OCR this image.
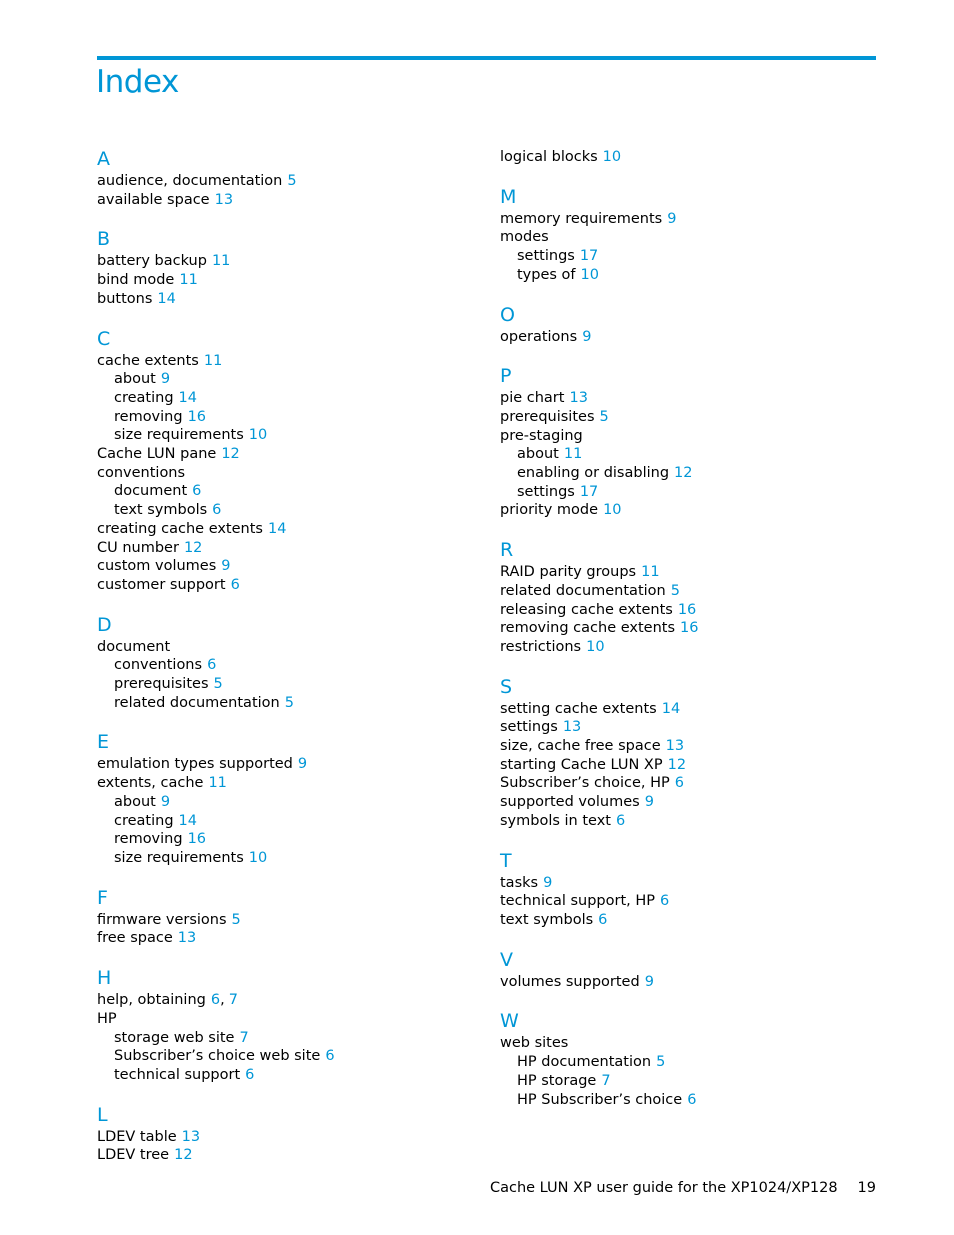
Index
A
audience, documentation 5
available space 13
B
battery backup 11
bind mode 11
buttons 14
C
cache extents 11
about 9
creating 14
removing 16
size requirements 10
Cache LUN pane 12
conventions
document 6
text symbols 6
creating cache extents 14
CU number 12
custom volumes 9
customer support 6
D
document
conventions 6
prerequisites 5
related documentation 5
E
emulation types supported 9
extents, cache 11
about 9
creating 14
removing 16
size requirements 10
F
firmware versions 5
free space 13
H
help, obtaining 6, 7
HP
storage web site 7
Subscriber’s choice web site 6
technical support 6
L
LDEV table 13
LDEV tree 12
logical blocks 10
M
memory requirements 9
modes
settings 17
types of 10
O
operations 9
P
pie chart 13
prerequisites 5
pre-staging
about 11
enabling or disabling 12
settings 17
priority mode 10
R
RAID parity groups 11
related documentation 5
releasing cache extents 16
removing cache extents 16
restrictions 10
S
setting cache extents 14
settings 13
size, cache free space 13
starting Cache LUN XP 12
Subscriber’s choice, HP 6
supported volumes 9
symbols in text 6
T
tasks 9
technical support, HP 6
text symbols 6
V
volumes supported 9
W
web sites
HP documentation 5
HP storage 7
HP Subscriber’s choice 6
Cache LUN XP user guide for the XP1024/XP128 19
